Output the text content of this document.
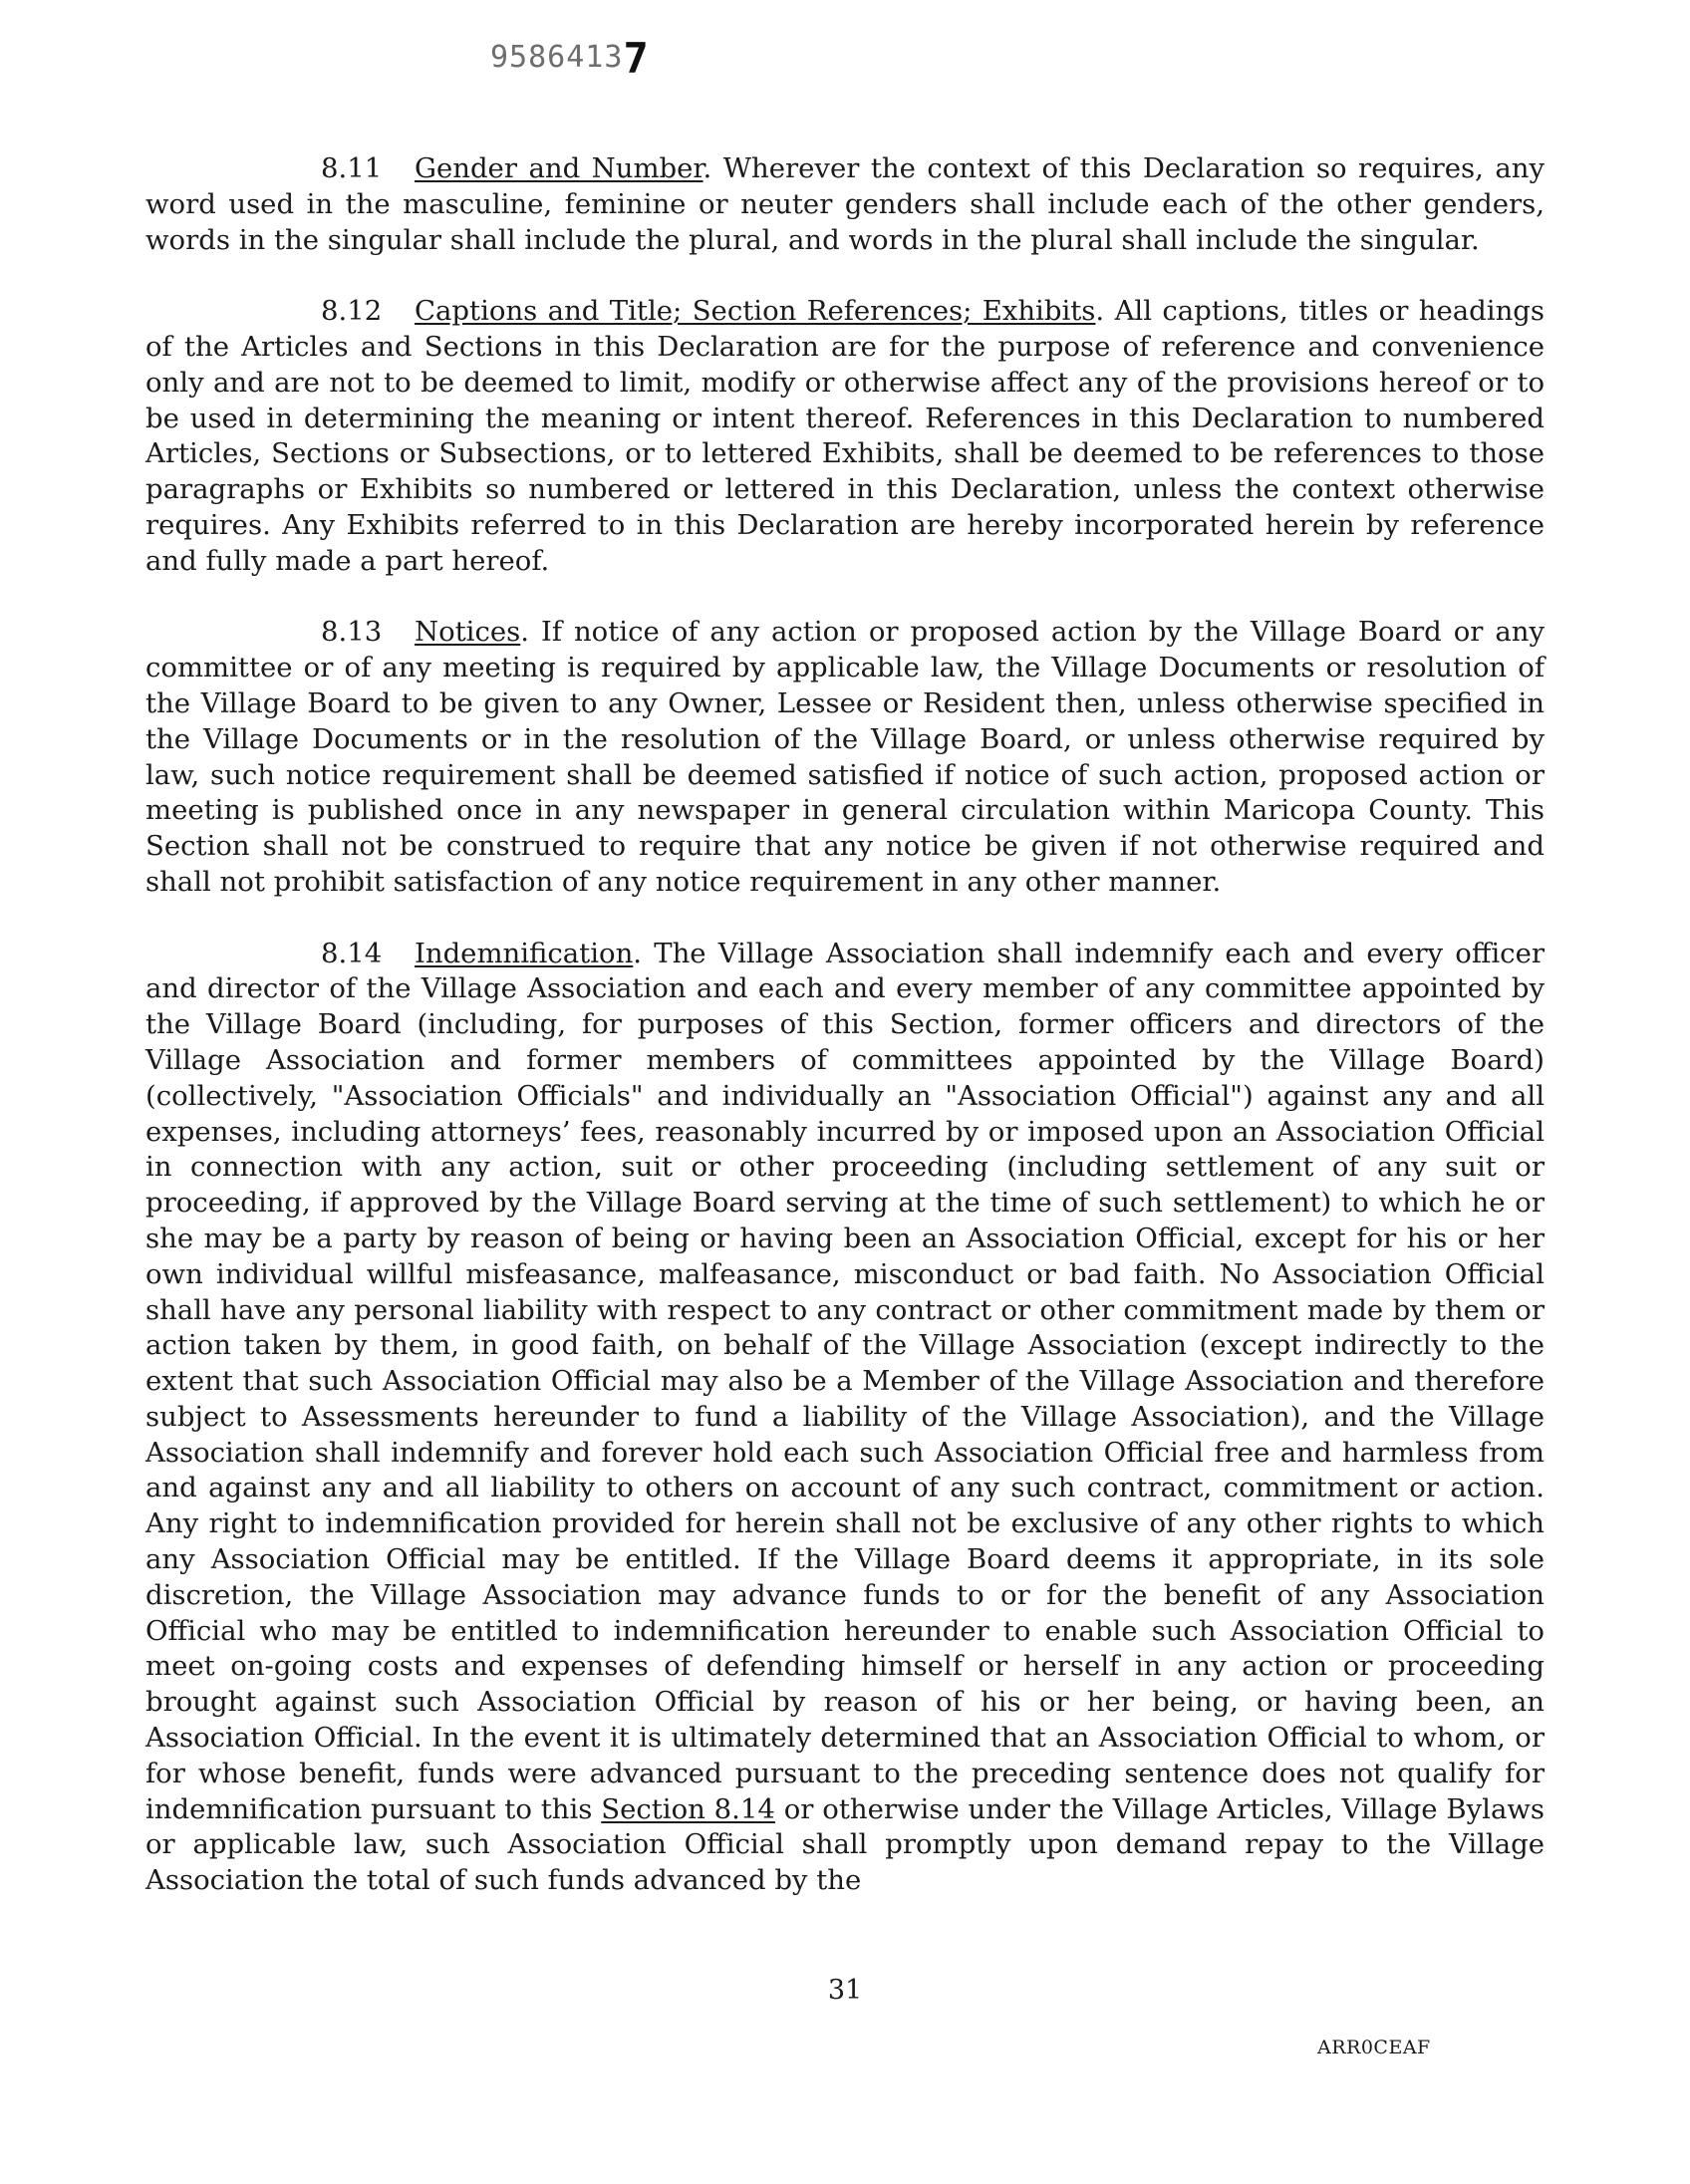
95864137

8.11 Gender and Number. Wherever the context of this Declaration so requires, any word used in the masculine, feminine or neuter genders shall include each of the other genders, words in the singular shall include the plural, and words in the plural shall include the singular.

8.12 Captions and Title; Section References; Exhibits. All captions, titles or headings of the Articles and Sections in this Declaration are for the purpose of reference and convenience only and are not to be deemed to limit, modify or otherwise affect any of the provisions hereof or to be used in determining the meaning or intent thereof. References in this Declaration to numbered Articles, Sections or Subsections, or to lettered Exhibits, shall be deemed to be references to those paragraphs or Exhibits so numbered or lettered in this Declaration, unless the context otherwise requires. Any Exhibits referred to in this Declaration are hereby incorporated herein by reference and fully made a part hereof.

8.13 Notices. If notice of any action or proposed action by the Village Board or any committee or of any meeting is required by applicable law, the Village Documents or resolution of the Village Board to be given to any Owner, Lessee or Resident then, unless otherwise specified in the Village Documents or in the resolution of the Village Board, or unless otherwise required by law, such notice requirement shall be deemed satisfied if notice of such action, proposed action or meeting is published once in any newspaper in general circulation within Maricopa County. This Section shall not be construed to require that any notice be given if not otherwise required and shall not prohibit satisfaction of any notice requirement in any other manner.

8.14 Indemnification. The Village Association shall indemnify each and every officer and director of the Village Association and each and every member of any committee appointed by the Village Board (including, for purposes of this Section, former officers and directors of the Village Association and former members of committees appointed by the Village Board) (collectively, "Association Officials" and individually an "Association Official") against any and all expenses, including attorneys’ fees, reasonably incurred by or imposed upon an Association Official in connection with any action, suit or other proceeding (including settlement of any suit or proceeding, if approved by the Village Board serving at the time of such settlement) to which he or she may be a party by reason of being or having been an Association Official, except for his or her own individual willful misfeasance, malfeasance, misconduct or bad faith. No Association Official shall have any personal liability with respect to any contract or other commitment made by them or action taken by them, in good faith, on behalf of the Village Association (except indirectly to the extent that such Association Official may also be a Member of the Village Association and therefore subject to Assessments hereunder to fund a liability of the Village Association), and the Village Association shall indemnify and forever hold each such Association Official free and harmless from and against any and all liability to others on account of any such contract, commitment or action. Any right to indemnification provided for herein shall not be exclusive of any other rights to which any Association Official may be entitled. If the Village Board deems it appropriate, in its sole discretion, the Village Association may advance funds to or for the benefit of any Association Official who may be entitled to indemnification hereunder to enable such Association Official to meet on-going costs and expenses of defending himself or herself in any action or proceeding brought against such Association Official by reason of his or her being, or having been, an Association Official. In the event it is ultimately determined that an Association Official to whom, or for whose benefit, funds were advanced pursuant to the preceding sentence does not qualify for indemnification pursuant to this Section 8.14 or otherwise under the Village Articles, Village Bylaws or applicable law, such Association Official shall promptly upon demand repay to the Village Association the total of such funds advanced by the

31
ARR0CEAF
